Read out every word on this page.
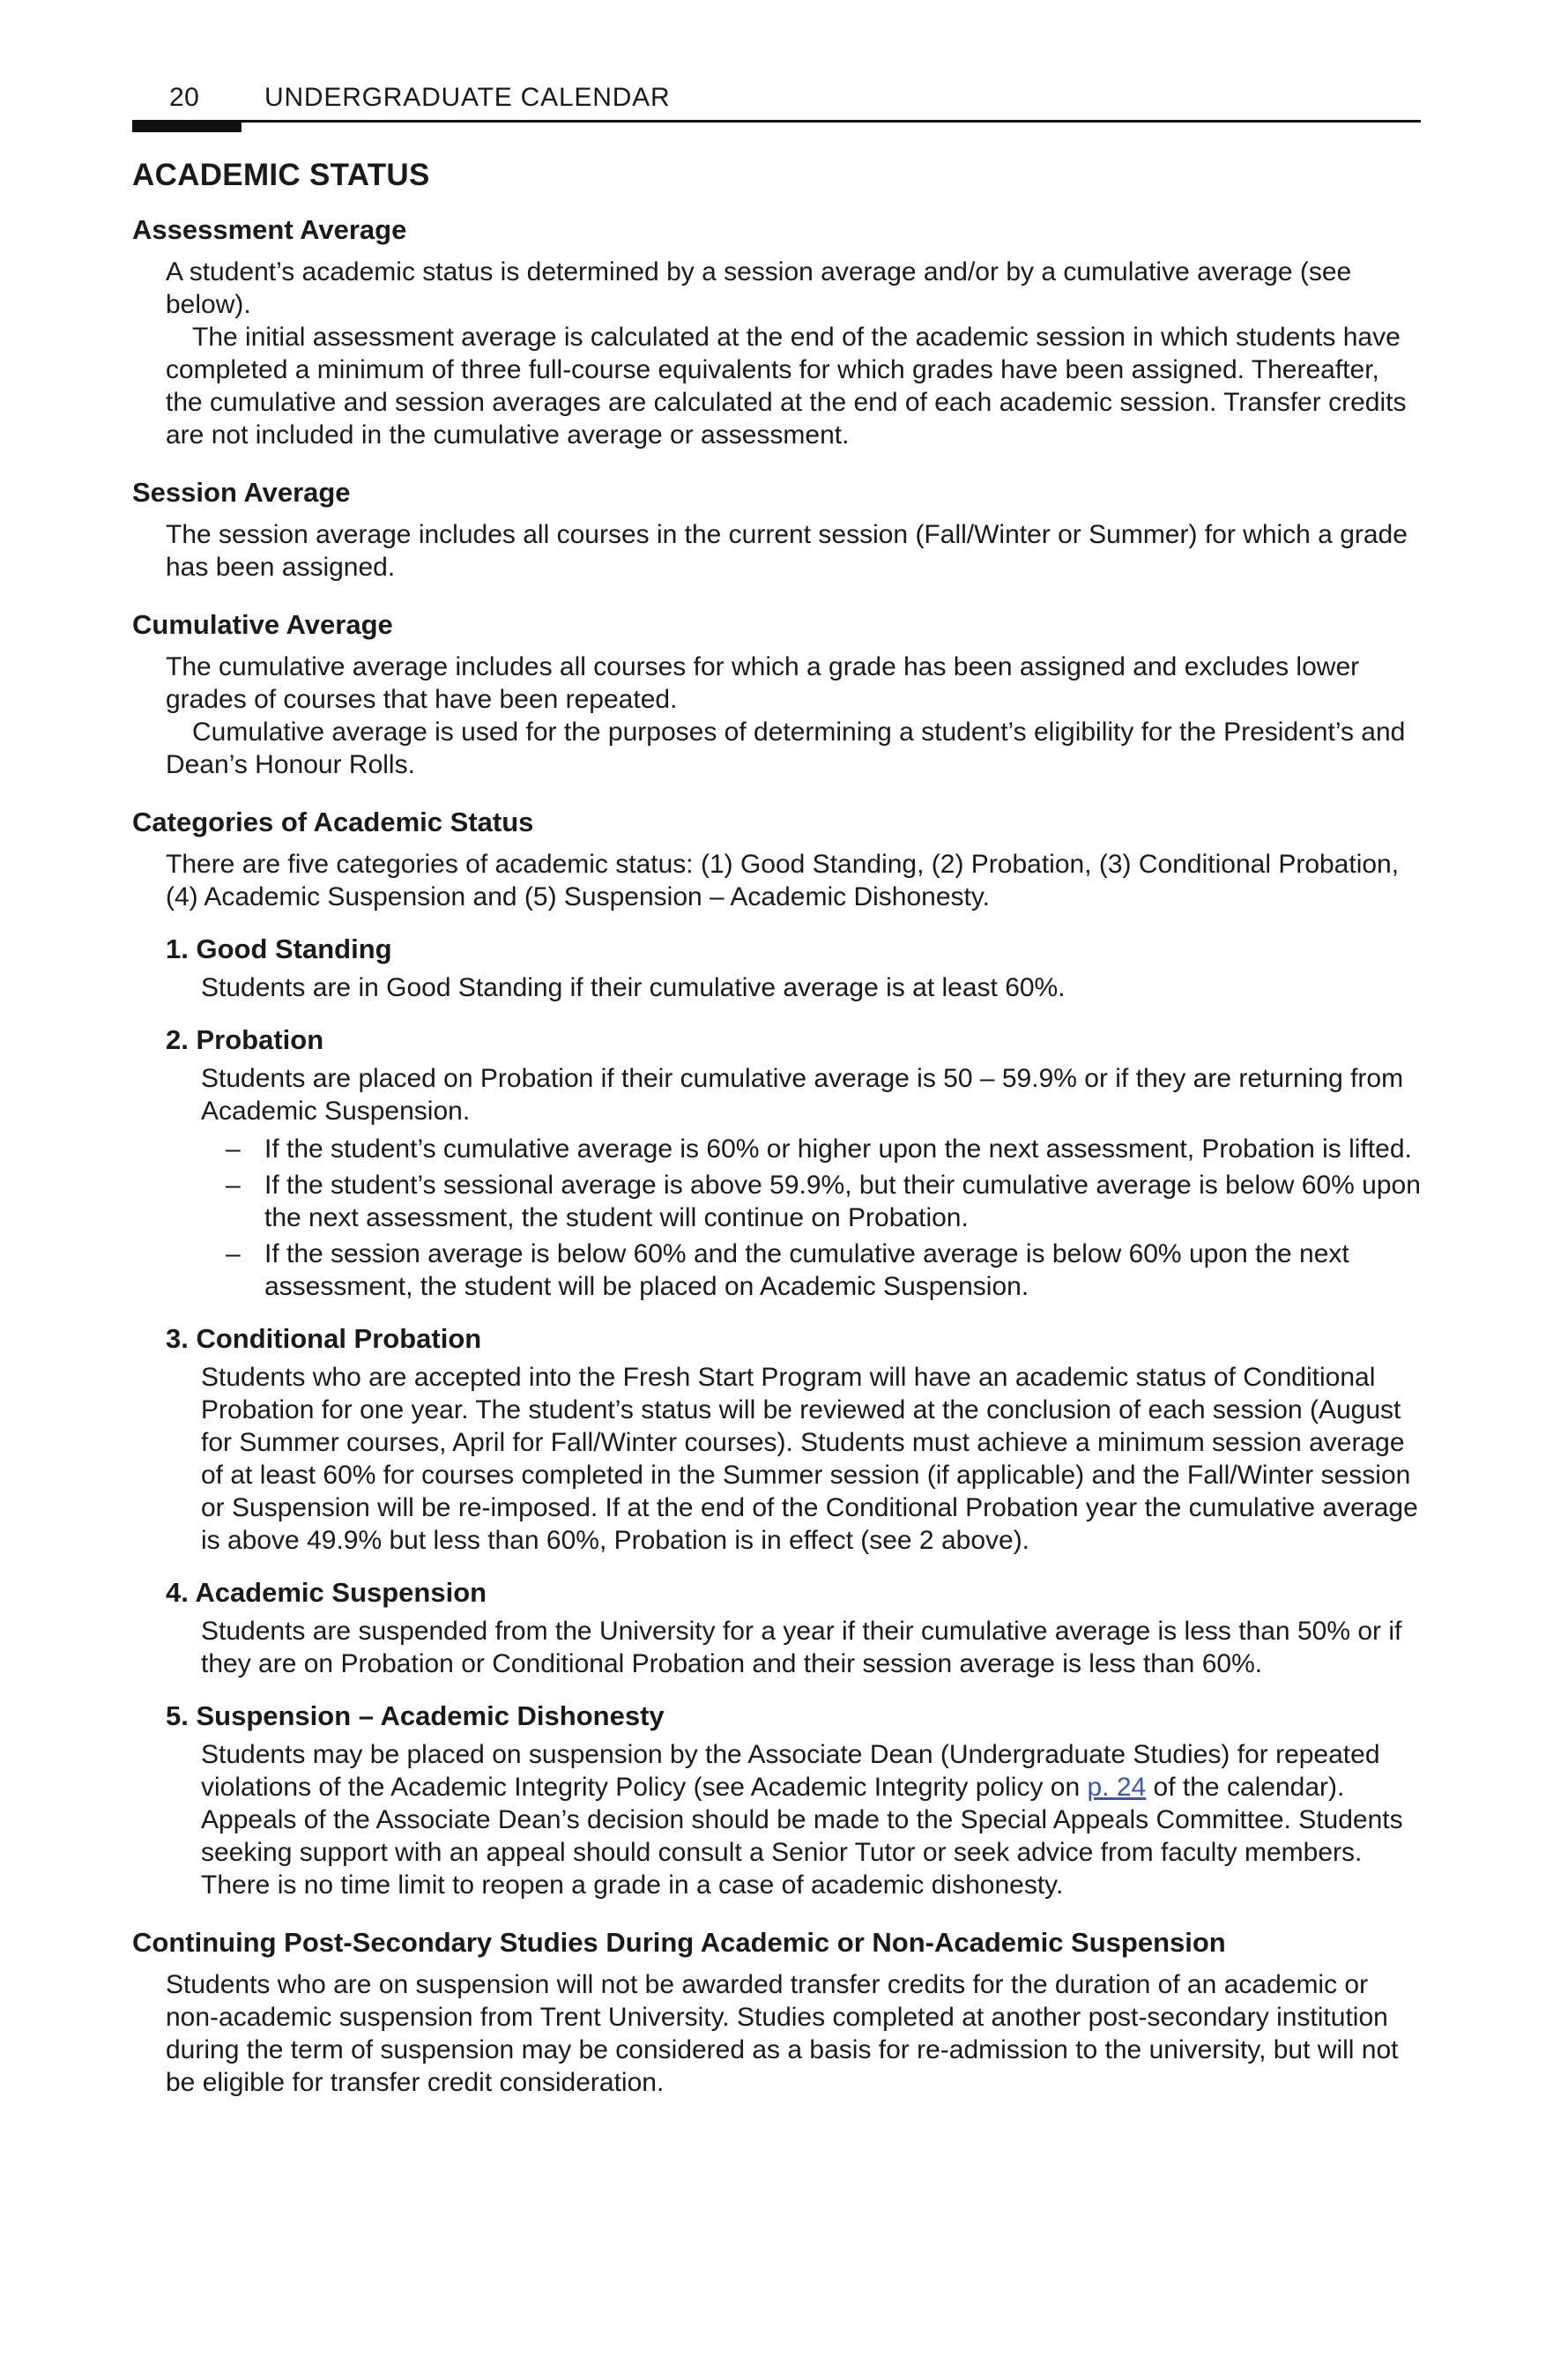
20 UNDERGRADUATE CALENDAR
ACADEMIC STATUS
Assessment Average

A student’s academic status is determined by a session average and/or by a cumulative average (see below).

The initial assessment average is calculated at the end of the academic session in which students have completed a minimum of three full-course equivalents for which grades have been assigned. Thereafter, the cumulative and session averages are calculated at the end of each academic session. Transfer credits are not included in the cumulative average or assessment.

Session Average

The session average includes all courses in the current session (Fall/Winter or Summer) for which a grade has been assigned.

Cumulative Average

The cumulative average includes all courses for which a grade has been assigned and excludes lower grades of courses that have been repeated.

Cumulative average is used for the purposes of determining a student’s eligibility for the President’s and Dean’s Honour Rolls.

Categories of Academic Status

There are five categories of academic status: (1) Good Standing, (2) Probation, (3) Conditional Probation, (4) Academic Suspension and (5) Suspension – Academic Dishonesty.

1. Good Standing
Students are in Good Standing if their cumulative average is at least 60%.
2. Probation
Students are placed on Probation if their cumulative average is 50 – 59.9% or if they are returning from Academic Suspension.
– If the student’s cumulative average is 60% or higher upon the next assessment, Probation is lifted.
– If the student’s sessional average is above 59.9%, but their cumulative average is below 60% upon the next assessment, the student will continue on Probation.
– If the session average is below 60% and the cumulative average is below 60% upon the next assessment, the student will be placed on Academic Suspension.
3. Conditional Probation
Students who are accepted into the Fresh Start Program will have an academic status of Conditional Probation for one year. The student’s status will be reviewed at the conclusion of each session (August for Summer courses, April for Fall/Winter courses). Students must achieve a minimum session average of at least 60% for courses completed in the Summer session (if applicable) and the Fall/Winter session or Suspension will be re-imposed. If at the end of the Conditional Probation year the cumulative average is above 49.9% but less than 60%, Probation is in effect (see 2 above).
4. Academic Suspension
Students are suspended from the University for a year if their cumulative average is less than 50% or if they are on Probation or Conditional Probation and their session average is less than 60%.
5. Suspension – Academic Dishonesty
Students may be placed on suspension by the Associate Dean (Undergraduate Studies) for repeated violations of the Academic Integrity Policy (see Academic Integrity policy on p. 24 of the calendar). Appeals of the Associate Dean’s decision should be made to the Special Appeals Committee. Students seeking support with an appeal should consult a Senior Tutor or seek advice from faculty members. There is no time limit to reopen a grade in a case of academic dishonesty.
Continuing Post-Secondary Studies During Academic or Non-Academic Suspension

Students who are on suspension will not be awarded transfer credits for the duration of an academic or non-academic suspension from Trent University. Studies completed at another post-secondary institution during the term of suspension may be considered as a basis for re-admission to the university, but will not be eligible for transfer credit consideration.
